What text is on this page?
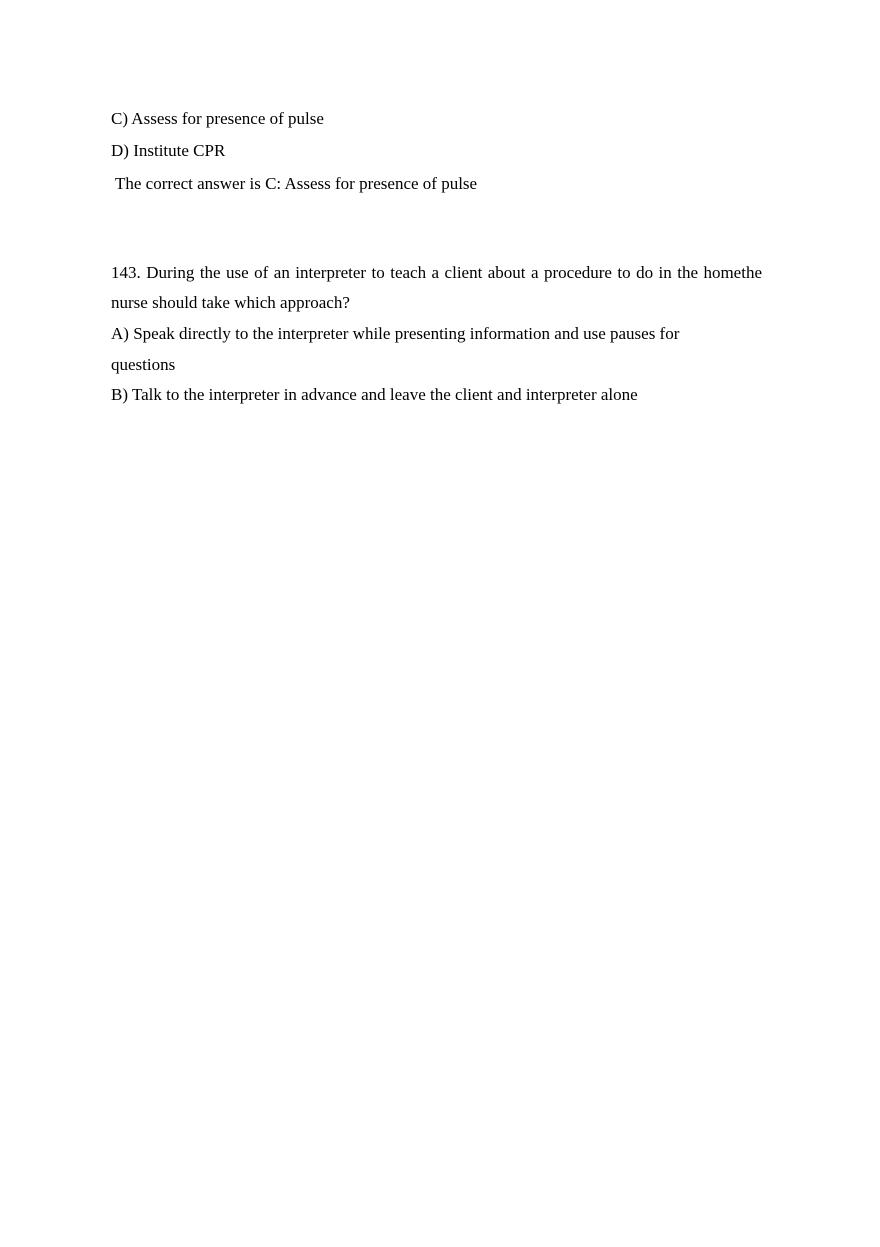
C) Assess for presence of pulse
D) Institute CPR
The correct answer is C: Assess for presence of pulse
143. During the use of an interpreter to teach a client about a procedure to do in the homethe
nurse should take which approach?
A) Speak directly to the interpreter while presenting information and use pauses for
questions
B) Talk to the interpreter in advance and leave the client and interpreter alone
